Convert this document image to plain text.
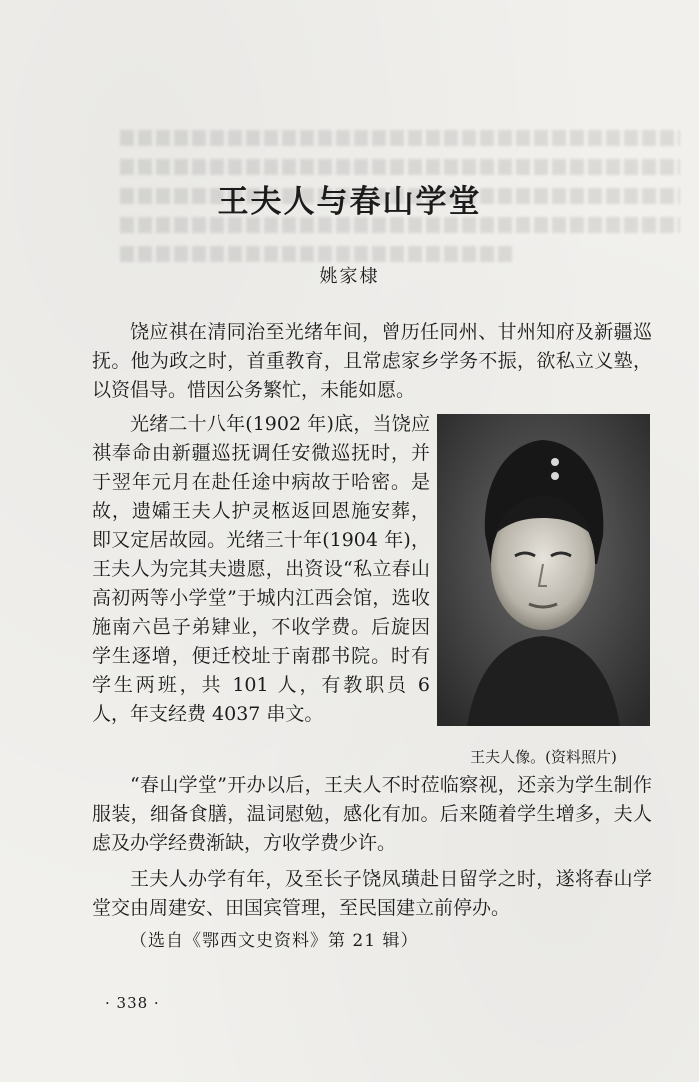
王夫人与春山学堂
姚家棣

饶应祺在清同治至光绪年间，曾历任同州、甘州知府及新疆巡抚。他为政之时，首重教育，且常虑家乡学务不振，欲私立义塾，以资倡导。惜因公务繁忙，未能如愿。

光绪二十八年(1902 年)底，当饶应祺奉命由新疆巡抚调任安微巡抚时，并于翌年元月在赴任途中病故于哈密。是故，遗孀王夫人护灵柩返回恩施安葬，即又定居故园。光绪三十年(1904 年)，王夫人为完其夫遗愿，出资设“私立春山高初两等小学堂”于城内江西会馆，选收施南六邑子弟肄业，不收学费。后旋因学生逐增，便迁校址于南郡书院。时有学生两班，共 101 人，有教职员 6 人，年支经费 4037 串文。

王夫人像。(资料照片)

“春山学堂”开办以后，王夫人不时莅临察视，还亲为学生制作服装，细备食膳，温词慰勉，感化有加。后来随着学生增多，夫人虑及办学经费渐缺，方收学费少许。

王夫人办学有年，及至长子饶凤璜赴日留学之时，遂将春山学堂交由周建安、田国宾管理，至民国建立前停办。

（选自《鄂西文史资料》第 21 辑）
· 338 ·
